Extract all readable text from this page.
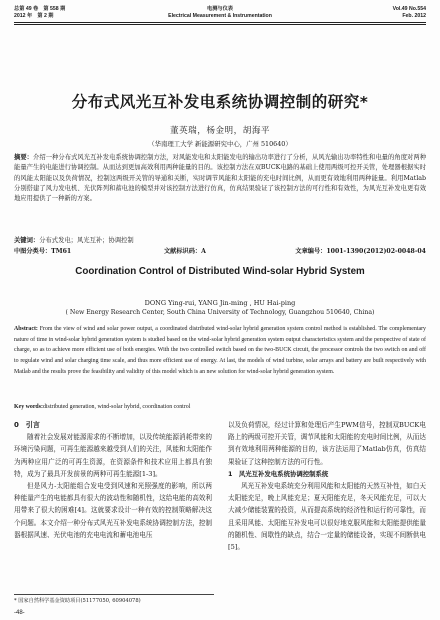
总第 49 卷　第 558 期	电测与仪表	Vol.49 No.554
2012 年　第 2 期	Electrical Measurement & Instrumentation	Feb. 2012
分布式风光互补发电系统协调控制的研究*
董英瑞，杨金明，胡海平
（华南理工大学 新能源研究中心，广州 510640）
摘要：介绍一种分布式风光互补发电系统协调控制方法，对风能发电和太阳能发电的输出功率进行了分析，从风光输出功率特性和电量的角度对两种能量产生的电能进行协调控制。从而达到更加高效利用两种能量的目的。该控制方法在双BUCK电路的基础上使用两级可控开关管，处理器根据实时的风能太阳能以及负荷情况，控制这两级开关管的导通和关断，实时调节风能和太阳能的充电时间比例，从而更有效地利用两种能量。利用Matlab分别搭建了风力发电机、光伏阵列和蓄电池的模型并对该控制方法进行仿真，仿真结果验证了该控制方法的可行性和有效性，为风光互补发电更有效地应用提供了一种新的方案。
关键词：分布式发电；风光互补；协调控制
中图分类号：TM61	文献标识码：A	文章编号：1001-1390(2012)02-0048-04
Coordination Control of Distributed Wind-solar Hybrid System
DONG Ying-rui, YANG Jin-ming , HU Hai-ping
( New Energy Research Center, South China University of Technology, Guangzhou 510640, China)
Abstract: From the view of wind and solar power output, a coordinated distributed wind-solar hybrid generation system control method is established. The complementary nature of time in wind-solar hybrid generation system is studied based on the wind-solar hybrid generation system output characteristics system and the perspective of state of charge, so as to achieve more efficient use of both energies. With the two controlled switch based on the two-BUCK circuit, the processor controls the two switch on and off to regulate wind and solar charging time scale, and thus more efficient use of energy. At last, the models of wind turbine, solar arrays and battery are built respectively with Matlab and the results prove the feasibility and validity of this model which is an new solution for wind-solar hybrid generation system.
Key words:distributed generation, wind-solar hybrid, coordination control

0　引言

随着社会发展对能源需求的不断增加，以及传统能源消耗带来的环境污染问题，可再生能源越来越受到人们的关注，风能和太阳能作为两种应用广泛的可再生资源，在资源条件和技术应用上都具有独特，成为了最具开发前景的两种可再生能源[1-3]。

但是风力-太阳能组合发电受到风速和光照强度的影响，所以两种能量产生的电能都具有很大的波动性和随机性，这给电能的高效利用带来了很大的困难[4]。这就要求设计一种有效的控制策略解决这个问题。本文介绍一种分布式风光互补发电系统协调控制方法，控制器根据风速、光伏电池的充电电流和蓄电池电压

以及负荷情况，经过计算和处理后产生PWM信号，控制双BUCK电路上的两级可控开关管，调节风能和太阳能的充电时间比例，从而达到有效地利用两种能源的目的，该方法运用了Matlab仿真，仿真结果验证了这种控制方法的可行性。

1　风光互补发电系统协调控制系统

风光互补发电系统充分利用风能和太阳能的天然互补性，如白天太阳能充足，晚上风能充足；夏天阳能充足，冬天风能充足，可以大大减少储能装置的投资，从而提高系统的经济性和运行的可靠性，而且采用风能、太阳能互补发电可以很好地克服风能和太阳能提供能量的随机性、间歇性的缺点，结合一定量的储能设备，实现不间断供电[5]。

* 国家自然科学基金资助项目(51177050, 60904078)
-48-
